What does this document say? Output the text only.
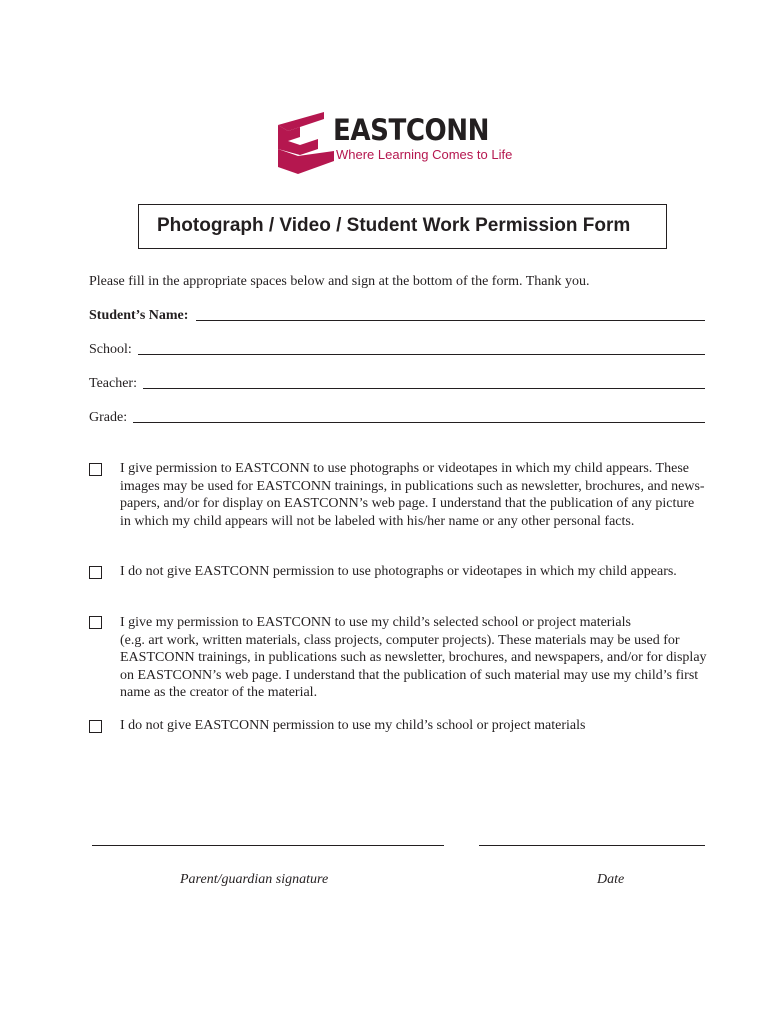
EASTCONN
Where Learning Comes to Life
Photograph / Video / Student Work Permission Form
Please fill in the appropriate spaces below and sign at the bottom of the form. Thank you.
Student’s Name:
School:
Teacher:
Grade:
I give permission to EASTCONN to use photographs or videotapes in which my child appears. These
images may be used for EASTCONN trainings, in publications such as newsletter, brochures, and news-
papers, and/or for display on EASTCONN’s web page. I understand that the publication of any picture
in which my child appears will not be labeled with his/her name or any other personal facts.
I do not give EASTCONN permission to use photographs or videotapes in which my child appears.
I give my permission to EASTCONN to use my child’s selected school or project materials
(e.g. art work, written materials, class projects, computer projects). These materials may be used for
EASTCONN trainings, in publications such as newsletter, brochures, and newspapers, and/or for display
on EASTCONN’s web page. I understand that the publication of such material may use my child’s first
name as the creator of the material.
I do not give EASTCONN permission to use my child’s school or project materials
Parent/guardian signature	Date
